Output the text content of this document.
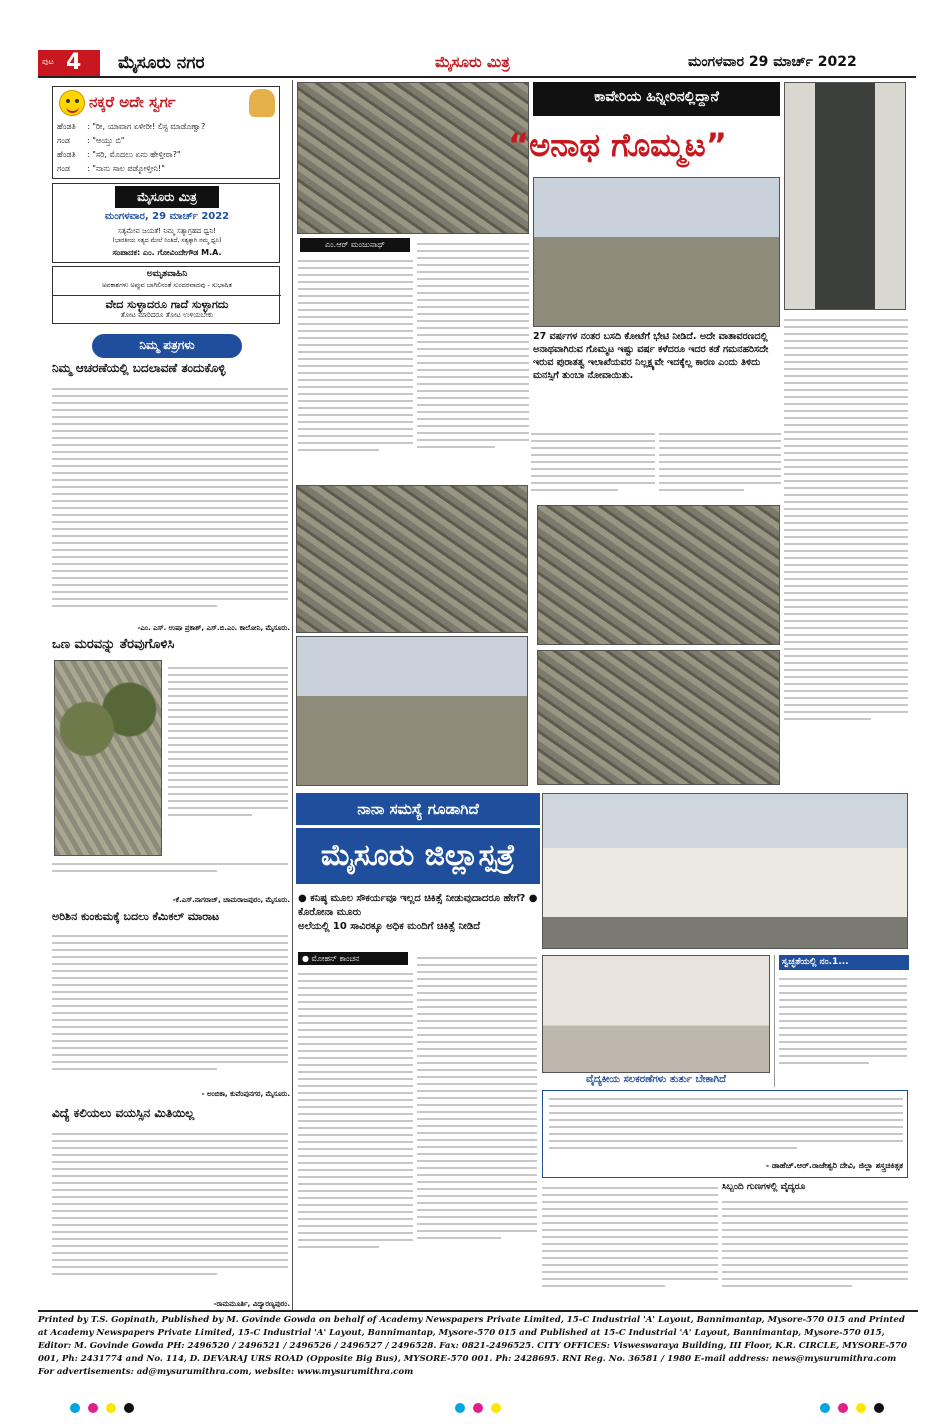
ಪುಟ 4 ಮೈಸೂರು ನಗರ	ಮೈಸೂರು ಮಿತ್ರ	ಮಂಗಳವಾರ 29 ಮಾರ್ಚ್ 2022
ನಕ್ಕರೆ ಅದೇ ಸ್ವರ್ಗ
ಹೆಂಡತಿ : "ರೀ, ಯಾವಾಗ ಏಳೀರೀ! ಲಿಸ್ಟ ಮಾಡೊಣ್ವಾ?
ಗಂಡ : "ಆಯ್ತು ಬಿ"
ಹೆಂಡತಿ : "ಸರಿ, ಮೊದಲು ಏನು ಹೇಳ್ತೀರಾ?"
ಗಂಡ : "ನಾನು ಸಾಲ ಪಡ್ಕೋಳ್ತೀನಿ!"
ಮೈಸೂರು ಮಿತ್ರ
ಮಂಗಳವಾರ, 29 ಮಾರ್ಚ್ 2022
ಸತ್ಯಮೇವ ಜಯತೆ! ನಿಮ್ಮ ಸತ್ಯಾಗ್ರಹದ ಧ್ವನಿ!
(ಭಾರತೀಯ ಸತ್ಯದ ಮೇಲೆ ನಿಂತಿದೆ, ಸತ್ಯಕ್ಕಾಗಿ ನಮ್ಮ ಧ್ವನಿ)
ಸಂಪಾದಕ: ಎಂ. ಗೋವಿಂದೇಗೌಡ M.A.
ಅಮೃತವಾಹಿನಿ
ಅವಕಾಶಗಳು ಅಪ್ಪುವ ಬಾಗಿಲಿನಂತೆ ಸುಂದರವಾದವು - ಸುಭಾಷಿತ
ವೇದ ಸುಳ್ಳಾದರೂ ಗಾದೆ ಸುಳ್ಳಾಗದು
ತೋಟ ಮಾರಿದರೂ ತೋಟ ಉಳಿಯಬೇಕು
ನಿಮ್ಮ ಪತ್ರಗಳು
ನಿಮ್ಮ ಆಚರಣೆಯಲ್ಲಿ ಬದಲಾವಣೆ ತಂದುಕೊಳ್ಳಿ
-ಎಂ. ಎಸ್. ಉಷಾ ಪ್ರಕಾಶ್, ಎಸ್.ಬಿ.ಎಂ. ಕಾಲೋನಿ, ಮೈಸೂರು.
ಒಣ ಮರವನ್ನು ತೆರವುಗೊಳಿಸಿ
-ಕೆ.ಎಸ್.ನಾಗರಾಜ್, ಚಾಮರಾಜಪುರಂ, ಮೈಸೂರು.
ಅರಿಶಿನ ಕುಂಕುಮಕ್ಕೆ ಬದಲು ಕೆಮಿಕಲ್ ಮಾರಾಟ
- ಅಂಬಿಕಾ, ಕುವೆಂಪುನಗರ, ಮೈಸೂರು.
ವಿದ್ಯೆ ಕಲಿಯಲು ವಯಸ್ಸಿನ ಮಿತಿಯಿಲ್ಲ
-ರಾಮಮೂರ್ತಿ, ವಿದ್ಯಾರಣ್ಯಪುರಂ.
ಕಾವೇರಿಯ ಹಿನ್ನೀರಿನಲ್ಲಿದ್ದಾನೆ
“ಅನಾಥ ಗೊಮ್ಮಟ”
ಎಂ.ಆರ್ ಮಂಜುನಾಥ್
27 ವರ್ಷಗಳ ನಂತರ ಬಸದಿ ಕೋಟೆಗೆ ಭೇಟಿ ನೀಡಿದೆ. ಅದೇ ವಾತಾವರಣದಲ್ಲಿ ಅನಾಥವಾಗಿರುವ ಗೊಮ್ಮಟ ಇಷ್ಟು ವರ್ಷ ಕಳೆದರೂ ಇದರ ಕಡೆ ಗಮನಹರಿಸದೇ ಇರುವ ಪುರಾತತ್ವ ಇಲಾಖೆಯವರ ನಿಲ್ಲಕ್ಷ್ಯವೇ ಇದಕ್ಕೆಲ್ಲ ಕಾರಣ ಎಂದು ತಿಳಿದು ಮನಸ್ಸಿಗೆ ತುಂಬಾ ನೋವಾಯಿತು.
ನಾನಾ ಸಮಸ್ಯೆ ಗೂಡಾಗಿದೆ
ಮೈಸೂರು ಜಿಲ್ಲಾಸ್ಪತ್ರೆ
● ಕನಿಷ್ಠ ಮೂಲ ಸೌಕರ್ಯವೂ ಇಲ್ಲದ ಚಿಕಿತ್ಸೆ ನೀಡುವುದಾದರೂ ಹೇಗೆ? ● ಕೊರೋನಾ ಮೂರು
ಅಲೆಯಲ್ಲಿ 10 ಸಾವಿರಕ್ಕೂ ಅಧಿಕ ಮಂದಿಗೆ ಚಿಕಿತ್ಸೆ ನೀಡಿದೆ
● ಮೋಹನ್ ಕಾಂಚನ
ವೈದ್ಯಕೀಯ ಸಲಕರಣೆಗಳು ತುರ್ತು ಬೇಕಾಗಿದೆ
- ಡಾಹೆಚ್.ಆರ್.ರಾಜೇಶ್ವರಿ ದೇವಿ, ಜಿಲ್ಲಾ ಶಸ್ತ್ರಚಿಕಿತ್ಸಕ
ಸಿಬ್ಬಂದಿ ಗುಣಗಳಲ್ಲಿ ವೈದ್ಯರೂ
ಸ್ವಚ್ಛತೆಯಲ್ಲಿ ನಂ.1...
Printed by T.S. Gopinath, Published by M. Govinde Gowda on behalf of Academy Newspapers Private Limited, 15-C Industrial 'A' Layout, Bannimantap, Mysore-570 015 and Printed at Academy Newspapers Private Limited, 15-C Industrial 'A' Layout, Bannimantap, Mysore-570 015 and Published at 15-C Industrial 'A' Layout, Bannimantap, Mysore-570 015, Editor: M. Govinde Gowda PH: 2496520 / 2496521 / 2496526 / 2496527 / 2496528. Fax: 0821-2496525. CITY OFFICES: Visweswaraya Building, III Floor, K.R. CIRCLE, MYSORE-570 001, Ph: 2431774 and No. 114, D. DEVARAJ URS ROAD (Opposite Big Bus), MYSORE-570 001. Ph: 2428695. RNI Reg. No. 36581 / 1980 E-mail address: news@mysurumithra.com For advertisements: ad@mysurumithra.com, website: www.mysurumithra.com
